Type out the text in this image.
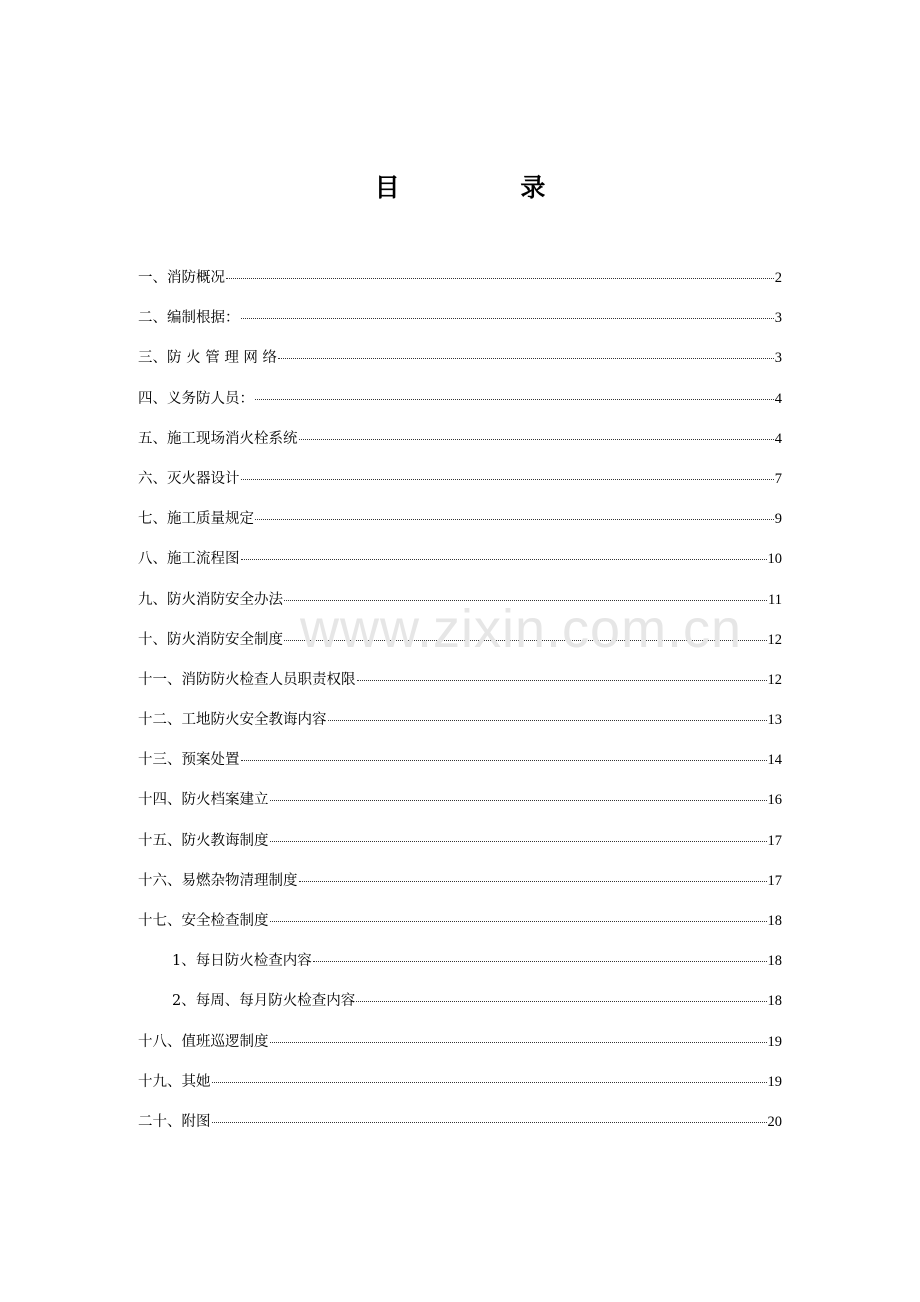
目 录
一、消防概况	2
二、编制根据：	3
三、防 火 管 理 网 络	3
四、义务防人员：	4
五、施工现场消火栓系统	4
六、灭火器设计	7
七、施工质量规定	9
八、施工流程图	10
九、防火消防安全办法	11
十、防火消防安全制度	12
十一、消防防火检查人员职责权限	12
十二、工地防火安全教诲内容	13
十三、预案处置	14
十四、防火档案建立	16
十五、防火教诲制度	17
十六、易燃杂物清理制度	17
十七、安全检查制度	18
1、每日防火检查内容	18
2、每周、每月防火检查内容	18
十八、值班巡逻制度	19
十九、其她	19
二十、附图	20
www.zixin.com.cn
